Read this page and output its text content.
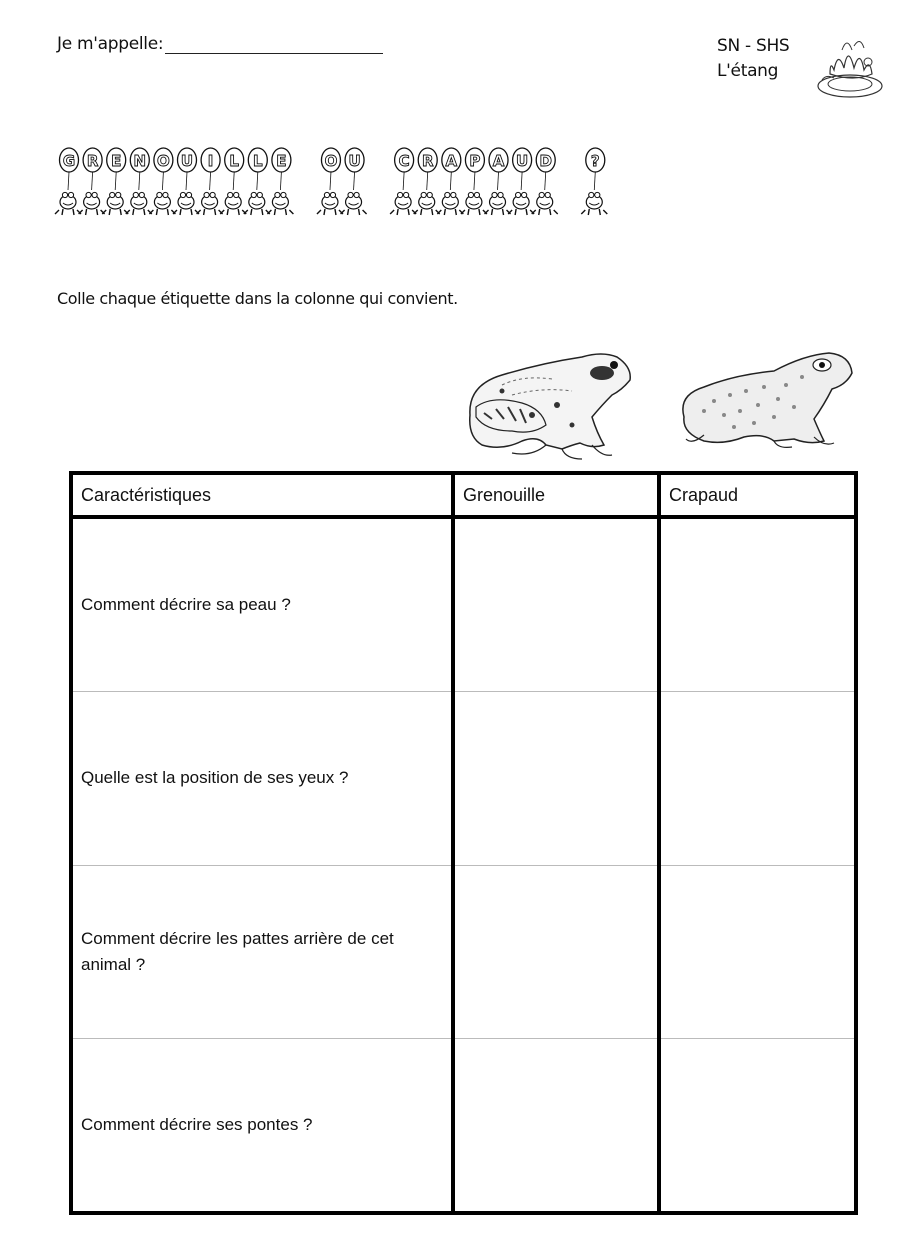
Je m'appelle:	SN - SHS
L'étang
G R E N O U I L L E	O U	C R A P A U D	?
Colle chaque étiquette dans la colonne qui convient.
Caractéristiques	Grenouille	Crapaud
Comment décrire sa peau ?		
Quelle est la position de ses yeux ?		
Comment décrire les pattes arrière de cet animal ?		
Comment décrire ses pontes ?		
